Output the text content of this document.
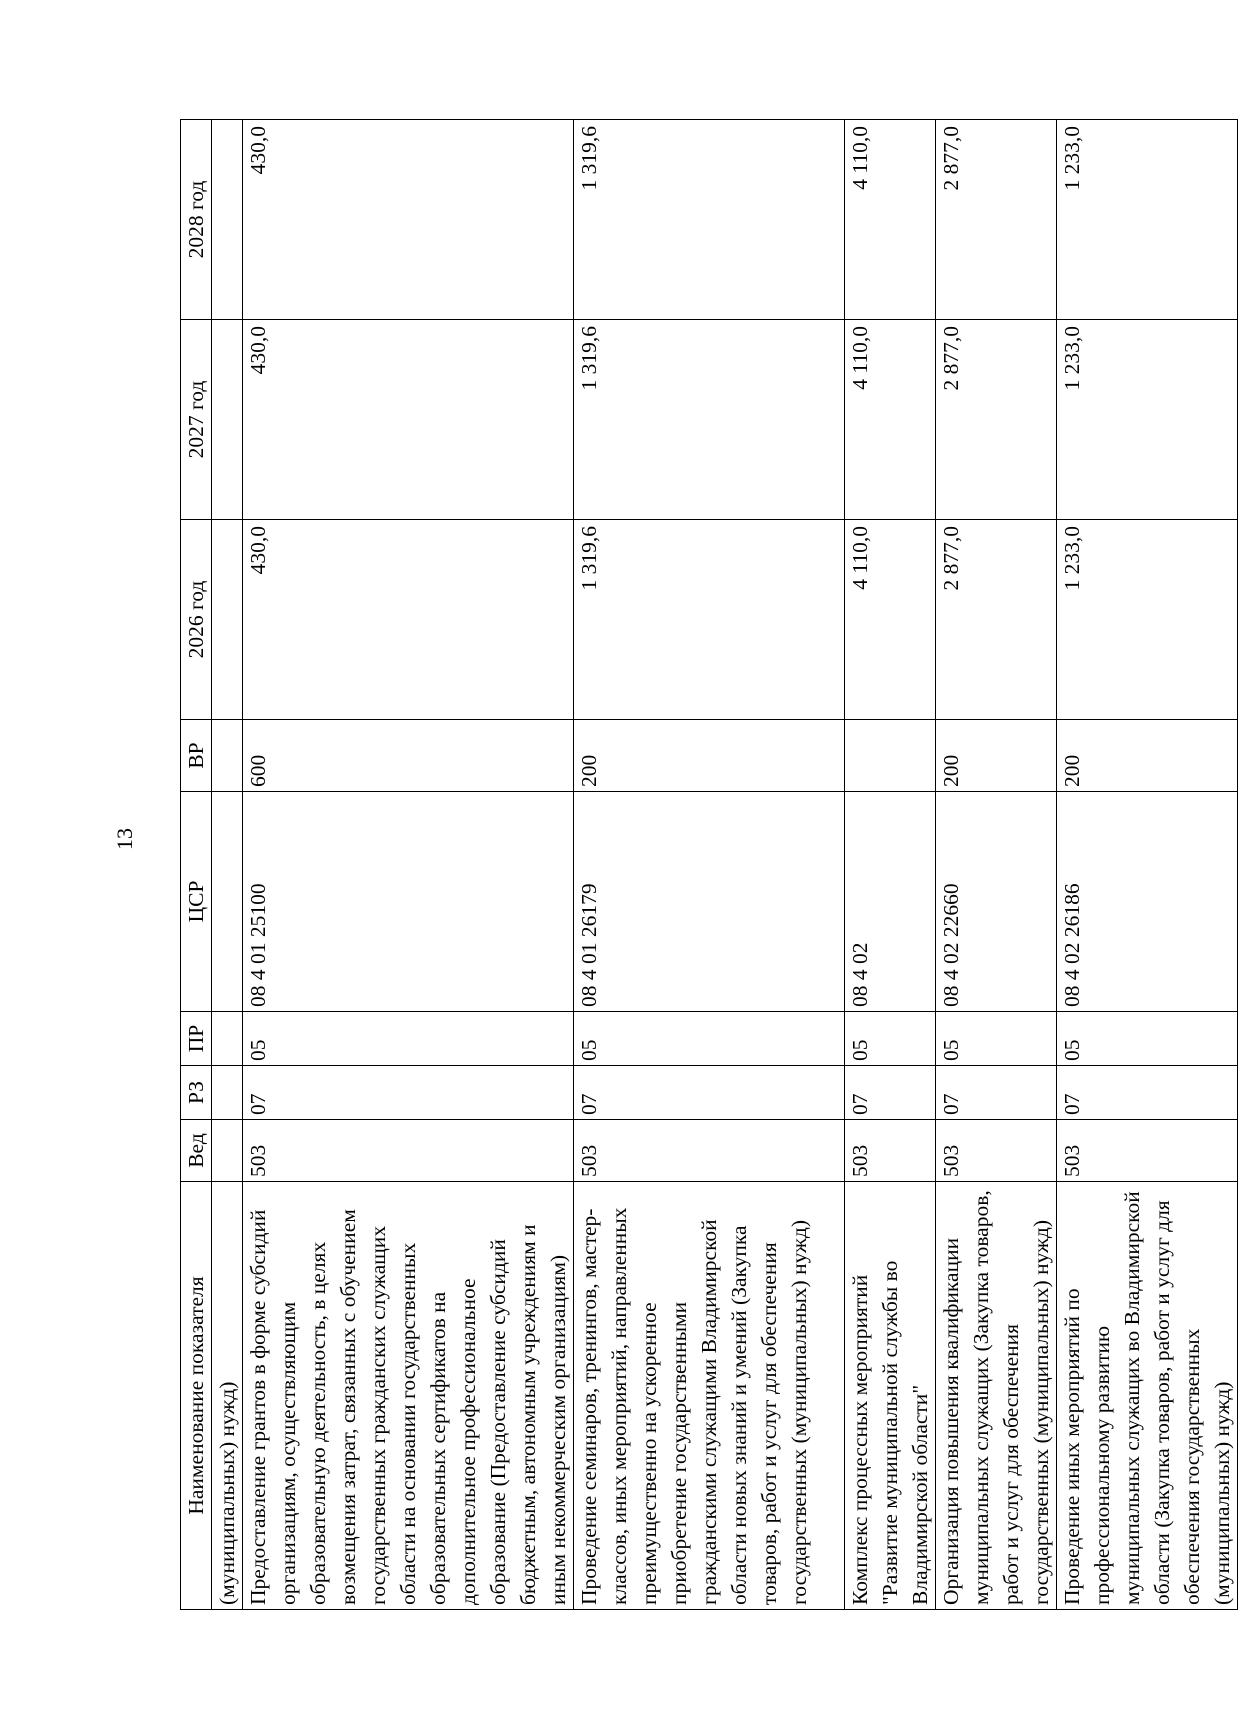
13
Наименование показателя	Вед	РЗ	ПР	ЦСР	ВР	2026 год	2027 год	2028 год
(муниципальных) нужд)								
Предоставление грантов в форме субсидий организациям, осуществляющим образовательную деятельность, в целях возмещения затрат, связанных с обучением государственных гражданских служащих области на основании государственных образовательных сертификатов на дополнительное профессиональное образование (Предоставление субсидий бюджетным, автономным учреждениям и иным некоммерческим организациям)	503	07	05	08 4 01 25100	600	430,0	430,0	430,0
Проведение семинаров, тренингов, мастер-классов, иных мероприятий, направленных преимущественно на ускоренное приобретение государственными гражданскими служащими Владимирской области новых знаний и умений (Закупка товаров, работ и услуг для обеспечения государственных (муниципальных) нужд)	503	07	05	08 4 01 26179	200	1 319,6	1 319,6	1 319,6
Комплекс процессных мероприятий "Развитие муниципальной службы во Владимирской области"	503	07	05	08 4 02		4 110,0	4 110,0	4 110,0
Организация повышения квалификации муниципальных служащих (Закупка товаров, работ и услуг для обеспечения государственных (муниципальных) нужд)	503	07	05	08 4 02 22660	200	2 877,0	2 877,0	2 877,0
Проведение иных мероприятий по профессиональному развитию муниципальных служащих во Владимирской области (Закупка товаров, работ и услуг для обеспечения государственных (муниципальных) нужд)	503	07	05	08 4 02 26186	200	1 233,0	1 233,0	1 233,0
